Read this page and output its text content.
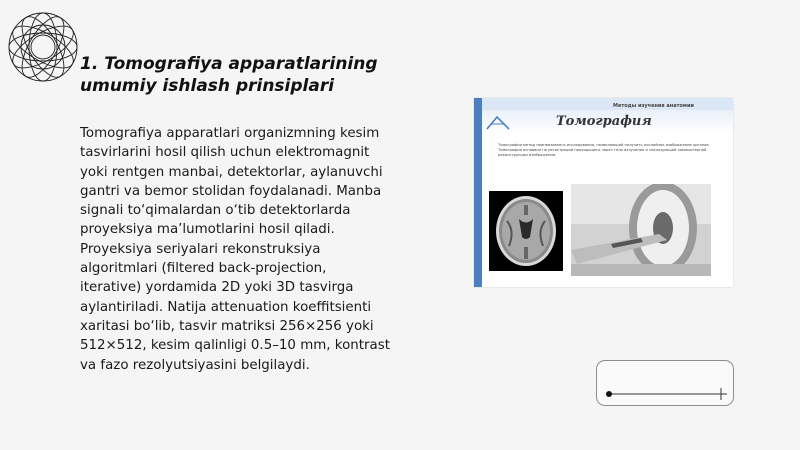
1. Tomografiya apparatlarining
umumiy ishlash prinsiplari
Tomografiya apparatlari organizmning kesim
tasvirlarini hosil qilish uchun elektromagnit
yoki rentgen manbai, detektorlar, aylanuvchi
gantri va bemor stolidan foydalanadi. Manba
signali to‘qimalardan o‘tib detektorlarda
proyeksiya ma’lumotlarini hosil qiladi.
Proyeksiya seriyalari rekonstruksiya
algoritmlari (filtered back-projection,
iterative) yordamida 2D yoki 3D tasvirga
aylantiriladi. Natija attenuation koeffitsienti
xaritasi bo‘lib, tasvir matriksi 256×256 yoki
512×512, kesim qalinligi 0.5–10 mm, kontrast
va fazo rezolyutsiyasini belgilaydi.
Методы изучения анатомии
Томография
Томография метод неинвазивного исследования, позволяющий получить послойное изображение органов. Томография основана на регистрации проходящего через тело излучения и последующей компьютерной реконструкции изображения.
